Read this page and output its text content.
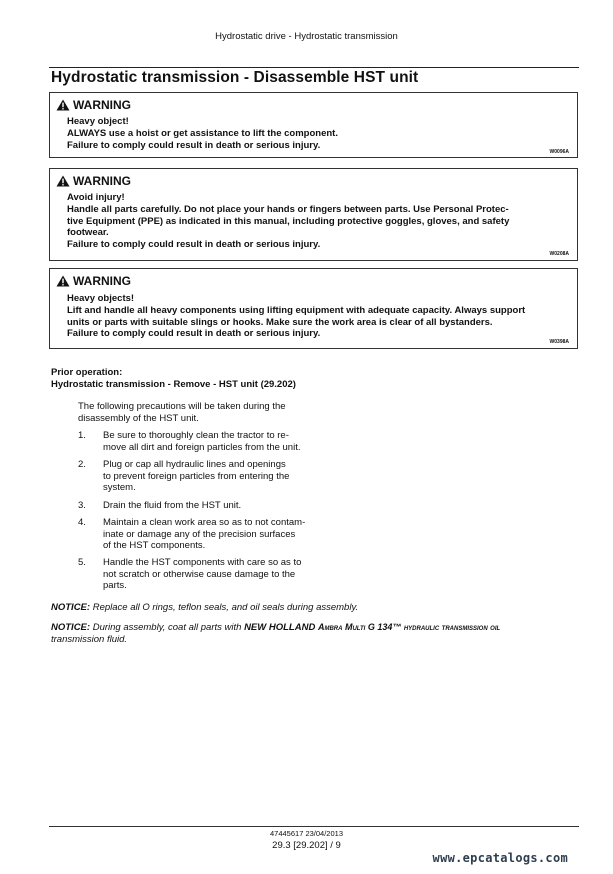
Hydrostatic drive - Hydrostatic transmission
Hydrostatic transmission - Disassemble HST unit
WARNING
Heavy object!
ALWAYS use a hoist or get assistance to lift the component.
Failure to comply could result in death or serious injury.
W0096A
WARNING
Avoid injury!
Handle all parts carefully. Do not place your hands or fingers between parts. Use Personal Protec-
tive Equipment (PPE) as indicated in this manual, including protective goggles, gloves, and safety
footwear.
Failure to comply could result in death or serious injury.
W0208A
WARNING
Heavy objects!
Lift and handle all heavy components using lifting equipment with adequate capacity. Always support
units or parts with suitable slings or hooks. Make sure the work area is clear of all bystanders.
Failure to comply could result in death or serious injury.
W0398A
Prior operation:
Hydrostatic transmission - Remove - HST unit (29.202)
The following precautions will be taken during the
disassembly of the HST unit.
1. Be sure to thoroughly clean the tractor to re-
move all dirt and foreign particles from the unit.
2. Plug or cap all hydraulic lines and openings
to prevent foreign particles from entering the
system.
3. Drain the fluid from the HST unit.
4. Maintain a clean work area so as to not contam-
inate or damage any of the precision surfaces
of the HST components.
5. Handle the HST components with care so as to
not scratch or otherwise cause damage to the
parts.
NOTICE: Replace all O rings, teflon seals, and oil seals during assembly.
NOTICE: During assembly, coat all parts with NEW HOLLAND Ambra Multi G 134™ hydraulic transmission oil
transmission fluid.
47445617 23/04/2013
29.3 [29.202] / 9
www.epcatalogs.com
